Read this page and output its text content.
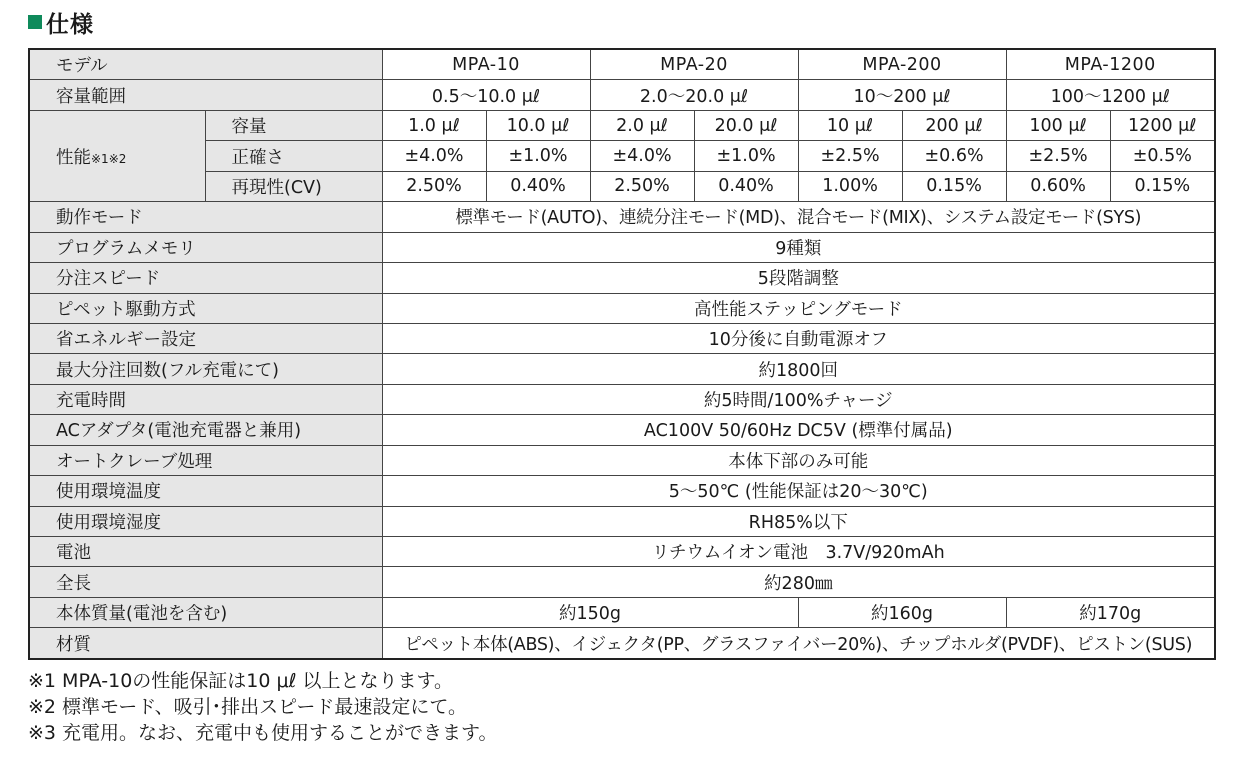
仕様
モデル		MPA-10		MPA-20		MPA-200		MPA-1200	
容量範囲		0.5～10.0 μℓ		2.0～20.0 μℓ		10～200 μℓ		100～1200 μℓ	
性能※1※2	容量	1.0 μℓ	10.0 μℓ	2.0 μℓ	20.0 μℓ	10 μℓ	200 μℓ	100 μℓ	1200 μℓ
	正確さ	±4.0%	±1.0%	±4.0%	±1.0%	±2.5%	±0.6%	±2.5%	±0.5%
	再現性(CV)	2.50%	0.40%	2.50%	0.40%	1.00%	0.15%	0.60%	0.15%
動作モード		標準モード(AUTO)、連続分注モード(MD)、混合モード(MIX)、システム設定モード(SYS)							
プログラムメモリ		9種類							
分注スピード		5段階調整							
ピペット駆動方式		高性能ステッピングモード							
省エネルギー設定		10分後に自動電源オフ							
最大分注回数(フル充電にて)		約1800回							
充電時間		約5時間/100%チャージ							
ACアダプタ(電池充電器と兼用)		AC100V 50/60Hz DC5V (標準付属品)							
オートクレーブ処理		本体下部のみ可能							
使用環境温度		5～50℃ (性能保証は20～30℃)							
使用環境湿度		RH85%以下							
電池		リチウムイオン電池　3.7V/920mAh							
全長		約280㎜							
本体質量(電池を含む)		約150g				約160g		約170g	
材質		ピペット本体(ABS)、イジェクタ(PP、グラスファイバー20%)、チップホルダ(PVDF)、ピストン(SUS)							
※1 MPA-10の性能保証は10 μℓ 以上となります。
※2 標準モード、吸引･排出スピード最速設定にて。
※3 充電用。なお、充電中も使用することができます。
